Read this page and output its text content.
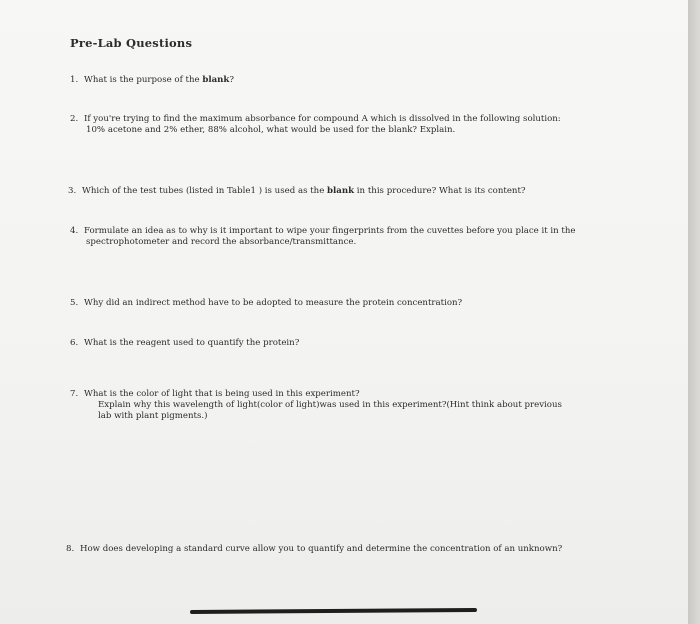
Pre-Lab Questions
1. What is the purpose of the blank?
2. If you're trying to find the maximum absorbance for compound A which is dissolved in the following solution:
10% acetone and 2% ether, 88% alcohol, what would be used for the blank? Explain.
3. Which of the test tubes (listed in Table1 ) is used as the blank in this procedure? What is its content?
4. Formulate an idea as to why is it important to wipe your fingerprints from the cuvettes before you place it in the
spectrophotometer and record the absorbance/transmittance.
5. Why did an indirect method have to be adopted to measure the protein concentration?
6. What is the reagent used to quantify the protein?
7. What is the color of light that is being used in this experiment?
Explain why this wavelength of light(color of light)was used in this experiment?(Hint think about previous
lab with plant pigments.)
8. How does developing a standard curve allow you to quantify and determine the concentration of an unknown?
